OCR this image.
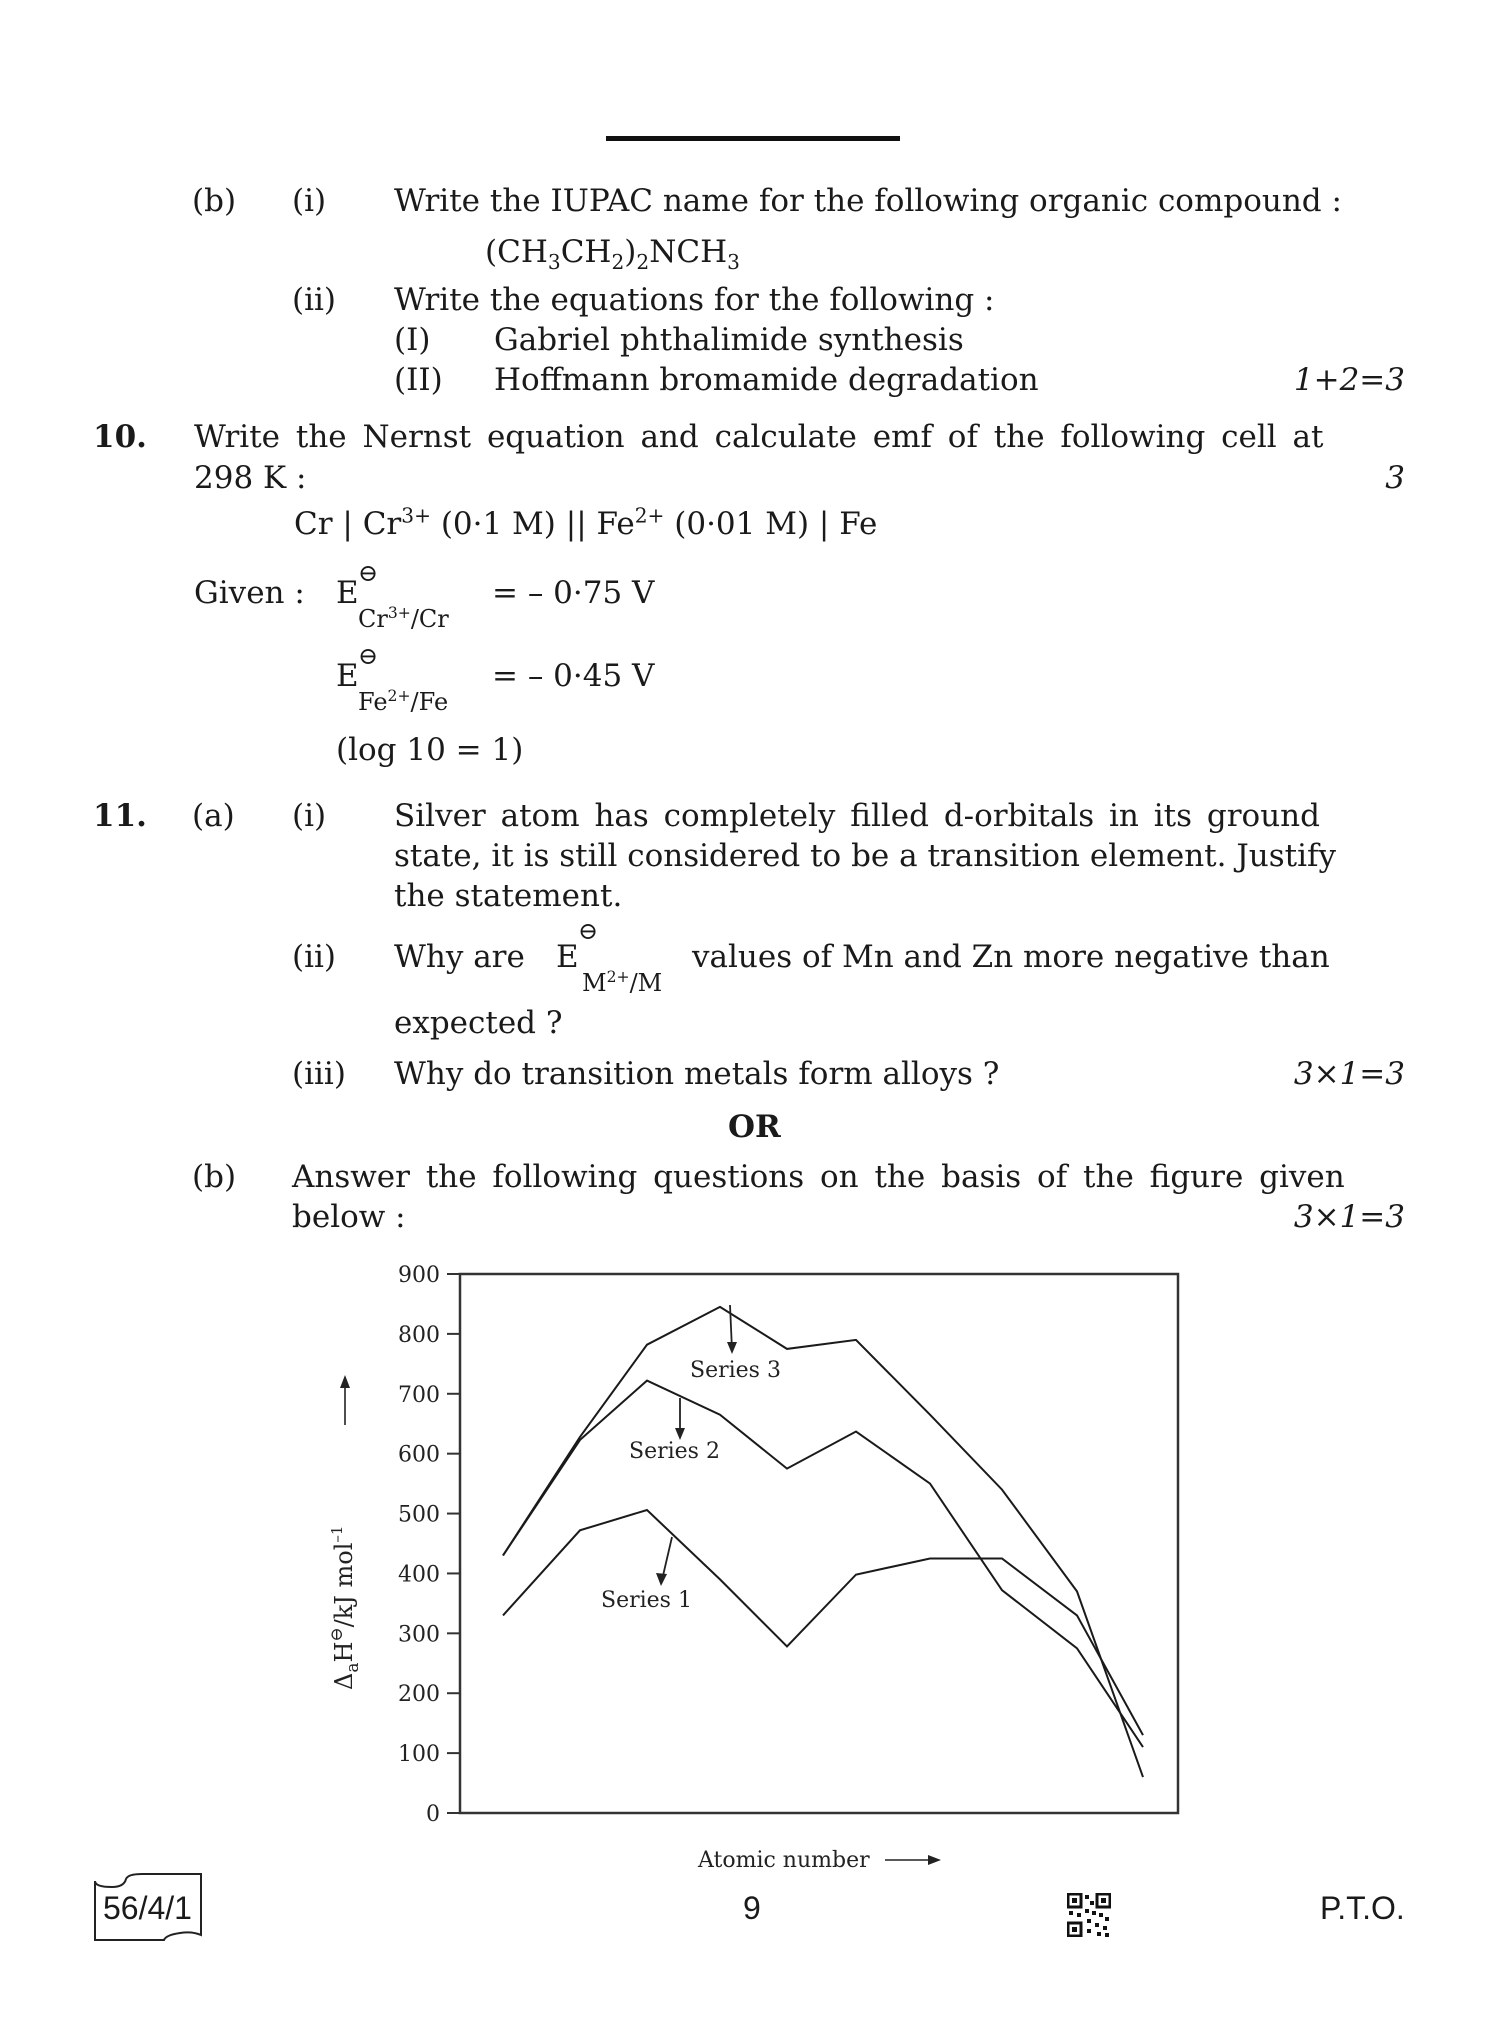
(b) (i) Write the IUPAC name for the following organic compound :
$(CH_3CH_2)_2NCH_3$
(ii) Write the equations for the following :
(I) Gabriel phthalimide synthesis
(II) Hoffmann bromamide degradation	1+2=3
10. Write the Nernst equation and calculate emf of the following cell at
298 K :	3
Cr | $Cr^{3+}$ (0·1 M) || $Fe^{2+}$ (0·01 M) | Fe
Given : E
⊖
$Cr^{3+}/Cr$
= – 0·75 V
E
⊖
$Fe^{2+}/Fe$
= – 0·45 V
(log 10 = 1)
11. (a) (i) Silver atom has completely filled d-orbitals in its ground
state, it is still considered to be a transition element. Justify
the statement.
(ii) Why are E
⊖
$M^{2+}/M$
values of Mn and Zn more negative than
expected ?
(iii) Why do transition metals form alloys ?	3×1=3
OR
(b) Answer the following questions on the basis of the figure given
below :	3×1=3
0
100
200
300
400
500
600
700
800
900
Series 3
Series 2
Series 1
$\Delta_aH^⊖/kJ$ mol$^{-1}$
Atomic number
56/4/1	9	P.T.O.
